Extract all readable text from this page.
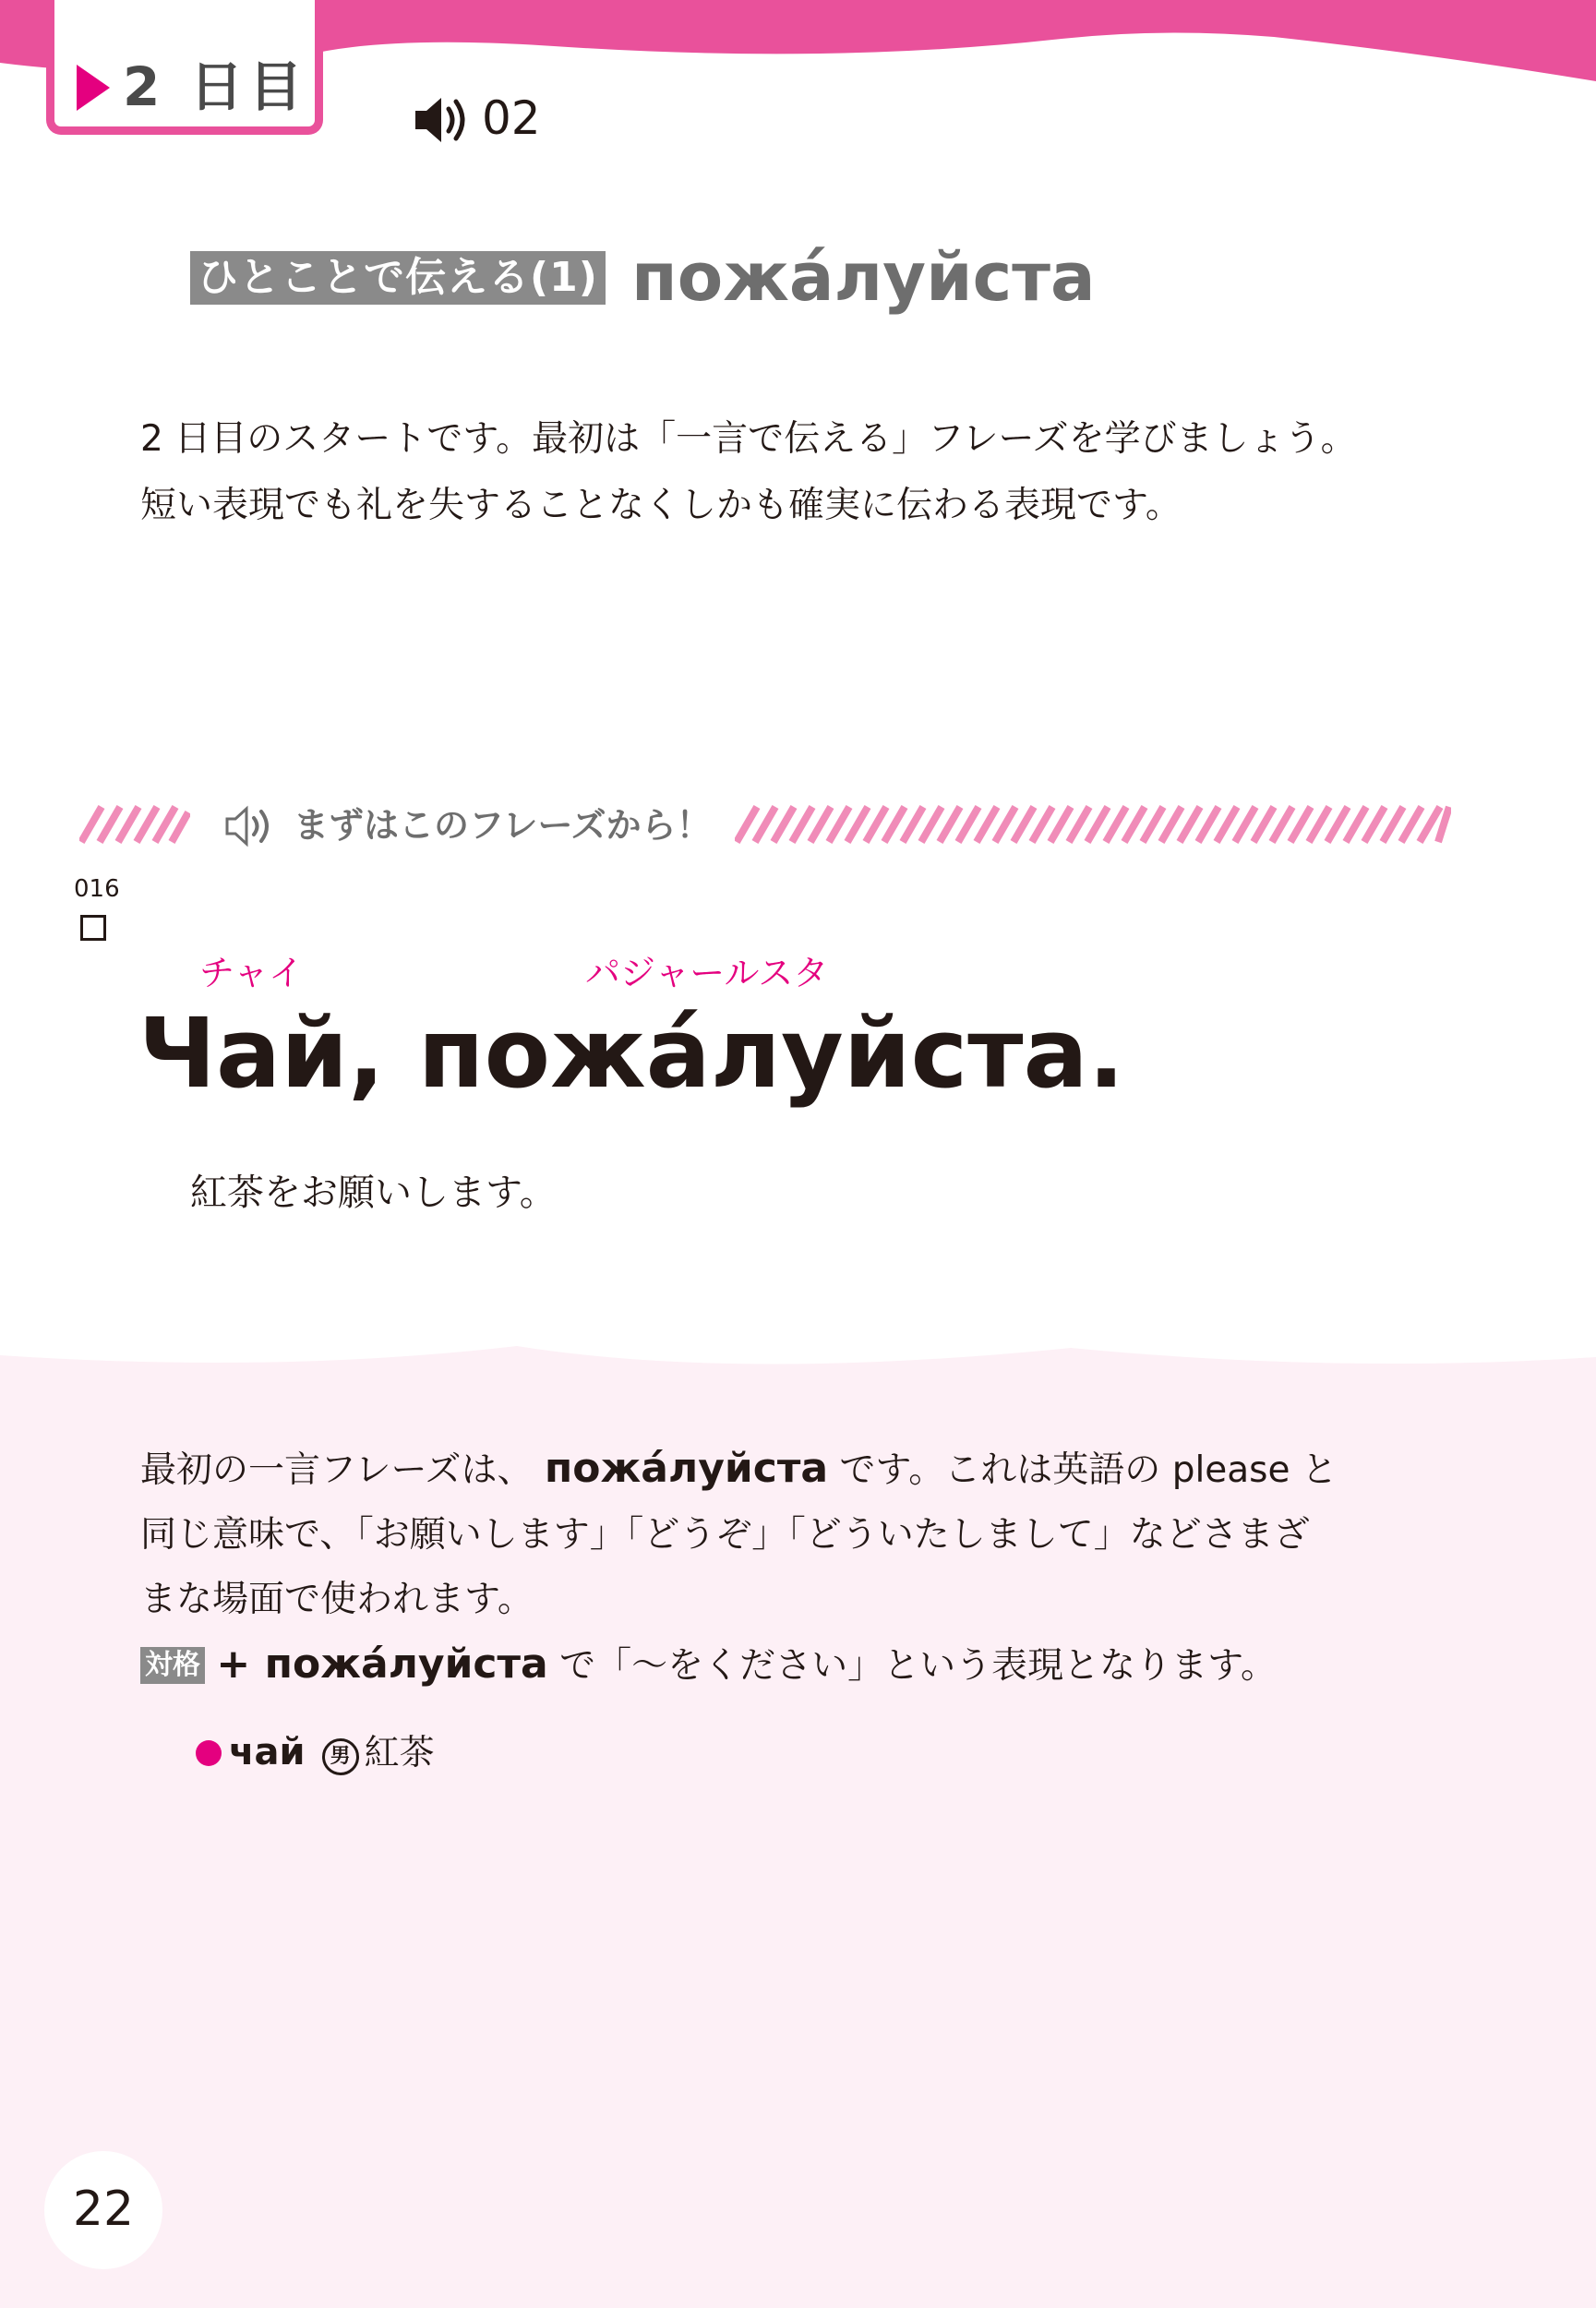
2 日目	02
ひとことで伝える(1) пожа́луйста
2 日目のスタートです。最初は「一言で伝える」フレーズを学びましょう。
短い表現でも礼を失することなくしかも確実に伝わる表現です。
まずはこのフレーズから！
016
チャイ	パジャールスタ
Чай, пожа́луйста.
紅茶をお願いします。
最初の一言フレーズは、 пожа́луйста です。これは英語の please と
同じ意味で、「お願いします」「どうぞ」「どういたしまして」などさまざ
まな場面で使われます。
対格 + пожа́луйста で「～をください」という表現となります。
чай 男 紅茶
22
